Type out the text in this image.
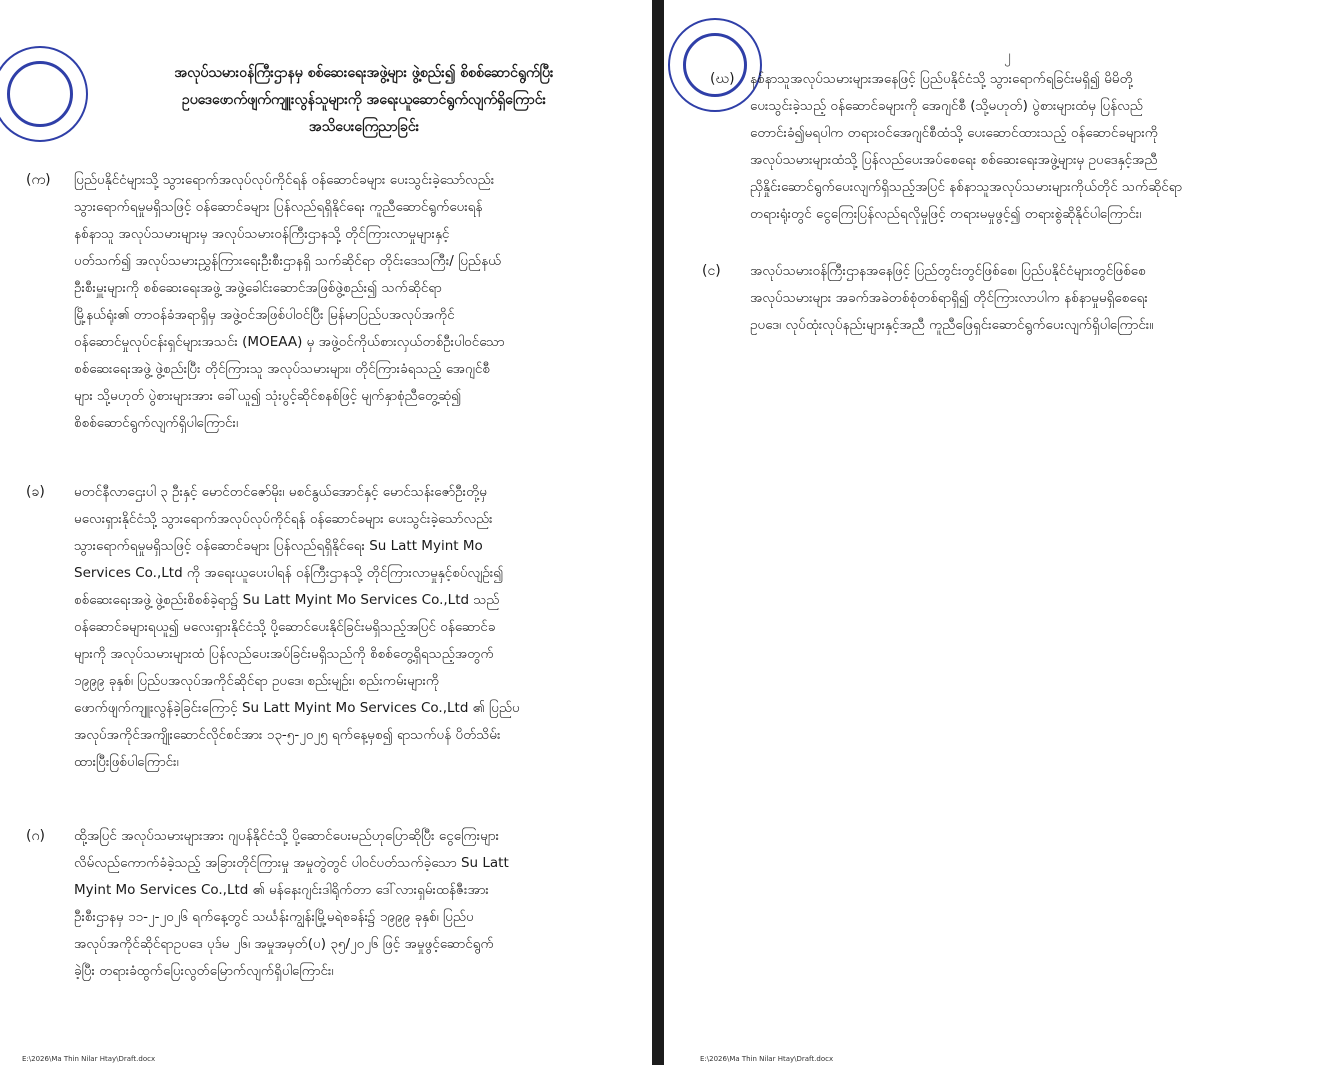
အလုပ်သမားဝန်ကြီးဌာနမှ စစ်ဆေးရေးအဖွဲ့များ ဖွဲ့စည်း၍ စိစစ်ဆောင်ရွက်ပြီး
ဥပဒေဖောက်ဖျက်ကျူးလွန်သူများကို အရေးယူဆောင်ရွက်လျက်ရှိကြောင်း
အသိပေးကြေညာခြင်း
(က)	ပြည်ပနိုင်ငံများသို့ သွားရောက်အလုပ်လုပ်ကိုင်ရန် ဝန်ဆောင်ခများ ပေးသွင်းခဲ့သော်လည်း
သွားရောက်ရမှုမရှိသဖြင့် ဝန်ဆောင်ခများ ပြန်လည်ရရှိနိုင်ရေး ကူညီဆောင်ရွက်ပေးရန်
နစ်နာသူ အလုပ်သမားများမှ အလုပ်သမားဝန်ကြီးဌာနသို့ တိုင်ကြားလာမှုများနှင့်
ပတ်သက်၍ အလုပ်သမားညွှန်ကြားရေးဦးစီးဌာနရှိ သက်ဆိုင်ရာ တိုင်းဒေသကြီး/ ပြည်နယ်
ဦးစီးမှူးများကို စစ်ဆေးရေးအဖွဲ့ အဖွဲ့ခေါင်းဆောင်အဖြစ်ဖွဲ့စည်း၍ သက်ဆိုင်ရာ
မြို့နယ်ရုံး၏ တာဝန်ခံအရာရှိမှ အဖွဲ့ဝင်အဖြစ်ပါဝင်ပြီး မြန်မာပြည်ပအလုပ်အကိုင်
ဝန်ဆောင်မှုလုပ်ငန်းရှင်များအသင်း (MOEAA) မှ အဖွဲ့ဝင်ကိုယ်စားလှယ်တစ်ဦးပါဝင်သော
စစ်ဆေးရေးအဖွဲ့ ဖွဲ့စည်းပြီး တိုင်ကြားသူ အလုပ်သမားများ၊ တိုင်ကြားခံရသည့် အေဂျင်စီ
များ သို့မဟုတ် ပွဲစားများအား ခေါ်ယူ၍ သုံးပွင့်ဆိုင်စနစ်ဖြင့် မျက်နှာစုံညီတွေ့ဆုံ၍
စိစစ်ဆောင်ရွက်လျက်ရှိပါကြောင်း၊
(ခ)	မတင်နီလာဌေးပါ ၃ ဦးနှင့် မောင်တင်ဇော်မိုး၊ မစင်နွယ်အောင်နှင့် မောင်သန်းဇော်ဦးတို့မှ
မလေးရှားနိုင်ငံသို့ သွားရောက်အလုပ်လုပ်ကိုင်ရန် ဝန်ဆောင်ခများ ပေးသွင်းခဲ့သော်လည်း
သွားရောက်ရမှုမရှိသဖြင့် ဝန်ဆောင်ခများ ပြန်လည်ရရှိနိုင်ရေး Su Latt Myint Mo
Services Co.,Ltd ကို အရေးယူပေးပါရန် ဝန်ကြီးဌာနသို့ တိုင်ကြားလာမှုနှင့်စပ်လျဉ်း၍
စစ်ဆေးရေးအဖွဲ့ ဖွဲ့စည်းစိစစ်ခဲ့ရာ၌ Su Latt Myint Mo Services Co.,Ltd သည်
ဝန်ဆောင်ခများရယူ၍ မလေးရှားနိုင်ငံသို့ ပို့ဆောင်ပေးနိုင်ခြင်းမရှိသည့်အပြင် ဝန်ဆောင်ခ
များကို အလုပ်သမားများထံ ပြန်လည်ပေးအပ်ခြင်းမရှိသည်ကို စိစစ်တွေ့ရှိရသည့်အတွက်
၁၉၉၉ ခုနှစ်၊ ပြည်ပအလုပ်အကိုင်ဆိုင်ရာ ဥပဒေ၊ စည်းမျဉ်း၊ စည်းကမ်းများကို
ဖောက်ဖျက်ကျူးလွန်ခဲ့ခြင်းကြောင့် Su Latt Myint Mo Services Co.,Ltd ၏ ပြည်ပ
အလုပ်အကိုင်အကျိုးဆောင်လိုင်စင်အား ၁၃-၅-၂၀၂၅ ရက်နေ့မှစ၍ ရာသက်ပန် ပိတ်သိမ်း
ထားပြီးဖြစ်ပါကြောင်း၊
(ဂ)	ထို့အပြင် အလုပ်သမားများအား ဂျပန်နိုင်ငံသို့ ပို့ဆောင်ပေးမည်ဟုပြောဆိုပြီး ငွေကြေးများ
လိမ်လည်ကောက်ခံခဲ့သည့် အခြားတိုင်ကြားမှု အမှုတွဲတွင် ပါဝင်ပတ်သက်ခဲ့သော Su Latt
Myint Mo Services Co.,Ltd ၏ မန်နေးဂျင်းဒါရိုက်တာ ဒေါ်လားရှမ်းထန်ဇီးအား
ဦးစီးဌာနမှ ၁၁-၂-၂၀၂၆ ရက်နေ့တွင် သင်္ဃန်းကျွန်းမြို့မရဲစခန်း၌ ၁၉၉၉ ခုနှစ်၊ ပြည်ပ
အလုပ်အကိုင်ဆိုင်ရာဥပဒေ ပုဒ်မ ၂၆၊ အမှုအမှတ်(ပ) ၃၅/၂၀၂၆ ဖြင့် အမှုဖွင့်ဆောင်ရွက်
ခဲ့ပြီး တရားခံထွက်ပြေးလွတ်မြောက်လျက်ရှိပါကြောင်း၊
E:\2026\Ma Thin Nilar Htay\Draft.docx
၂
(ဃ)	နစ်နာသူအလုပ်သမားများအနေဖြင့် ပြည်ပနိုင်ငံသို့ သွားရောက်ရခြင်းမရှိ၍ မိမိတို့
ပေးသွင်းခဲ့သည့် ဝန်ဆောင်ခများကို အေဂျင်စီ (သို့မဟုတ်) ပွဲစားများထံမှ ပြန်လည်
တောင်းခံ၍မရပါက တရားဝင်အေဂျင်စီထံသို့ ပေးဆောင်ထားသည့် ဝန်ဆောင်ခများကို
အလုပ်သမားများထံသို့ ပြန်လည်ပေးအပ်စေရေး စစ်ဆေးရေးအဖွဲ့များမှ ဥပဒေနှင့်အညီ
ညှိနှိုင်းဆောင်ရွက်ပေးလျက်ရှိသည့်အပြင် နစ်နာသူအလုပ်သမားများကိုယ်တိုင် သက်ဆိုင်ရာ
တရားရုံးတွင် ငွေကြေးပြန်လည်ရလိုမှုဖြင့် တရားမမှုဖွင့်၍ တရားစွဲဆိုနိုင်ပါကြောင်း၊
(င)	အလုပ်သမားဝန်ကြီးဌာနအနေဖြင့် ပြည်တွင်းတွင်ဖြစ်စေ၊ ပြည်ပနိုင်ငံများတွင်ဖြစ်စေ
အလုပ်သမားများ အခက်အခဲတစ်စုံတစ်ရာရှိ၍ တိုင်ကြားလာပါက နစ်နာမှုမရှိစေရေး
ဥပဒေ၊ လုပ်ထုံးလုပ်နည်းများနှင့်အညီ ကူညီဖြေရှင်းဆောင်ရွက်ပေးလျက်ရှိပါကြောင်း။
E:\2026\Ma Thin Nilar Htay\Draft.docx
